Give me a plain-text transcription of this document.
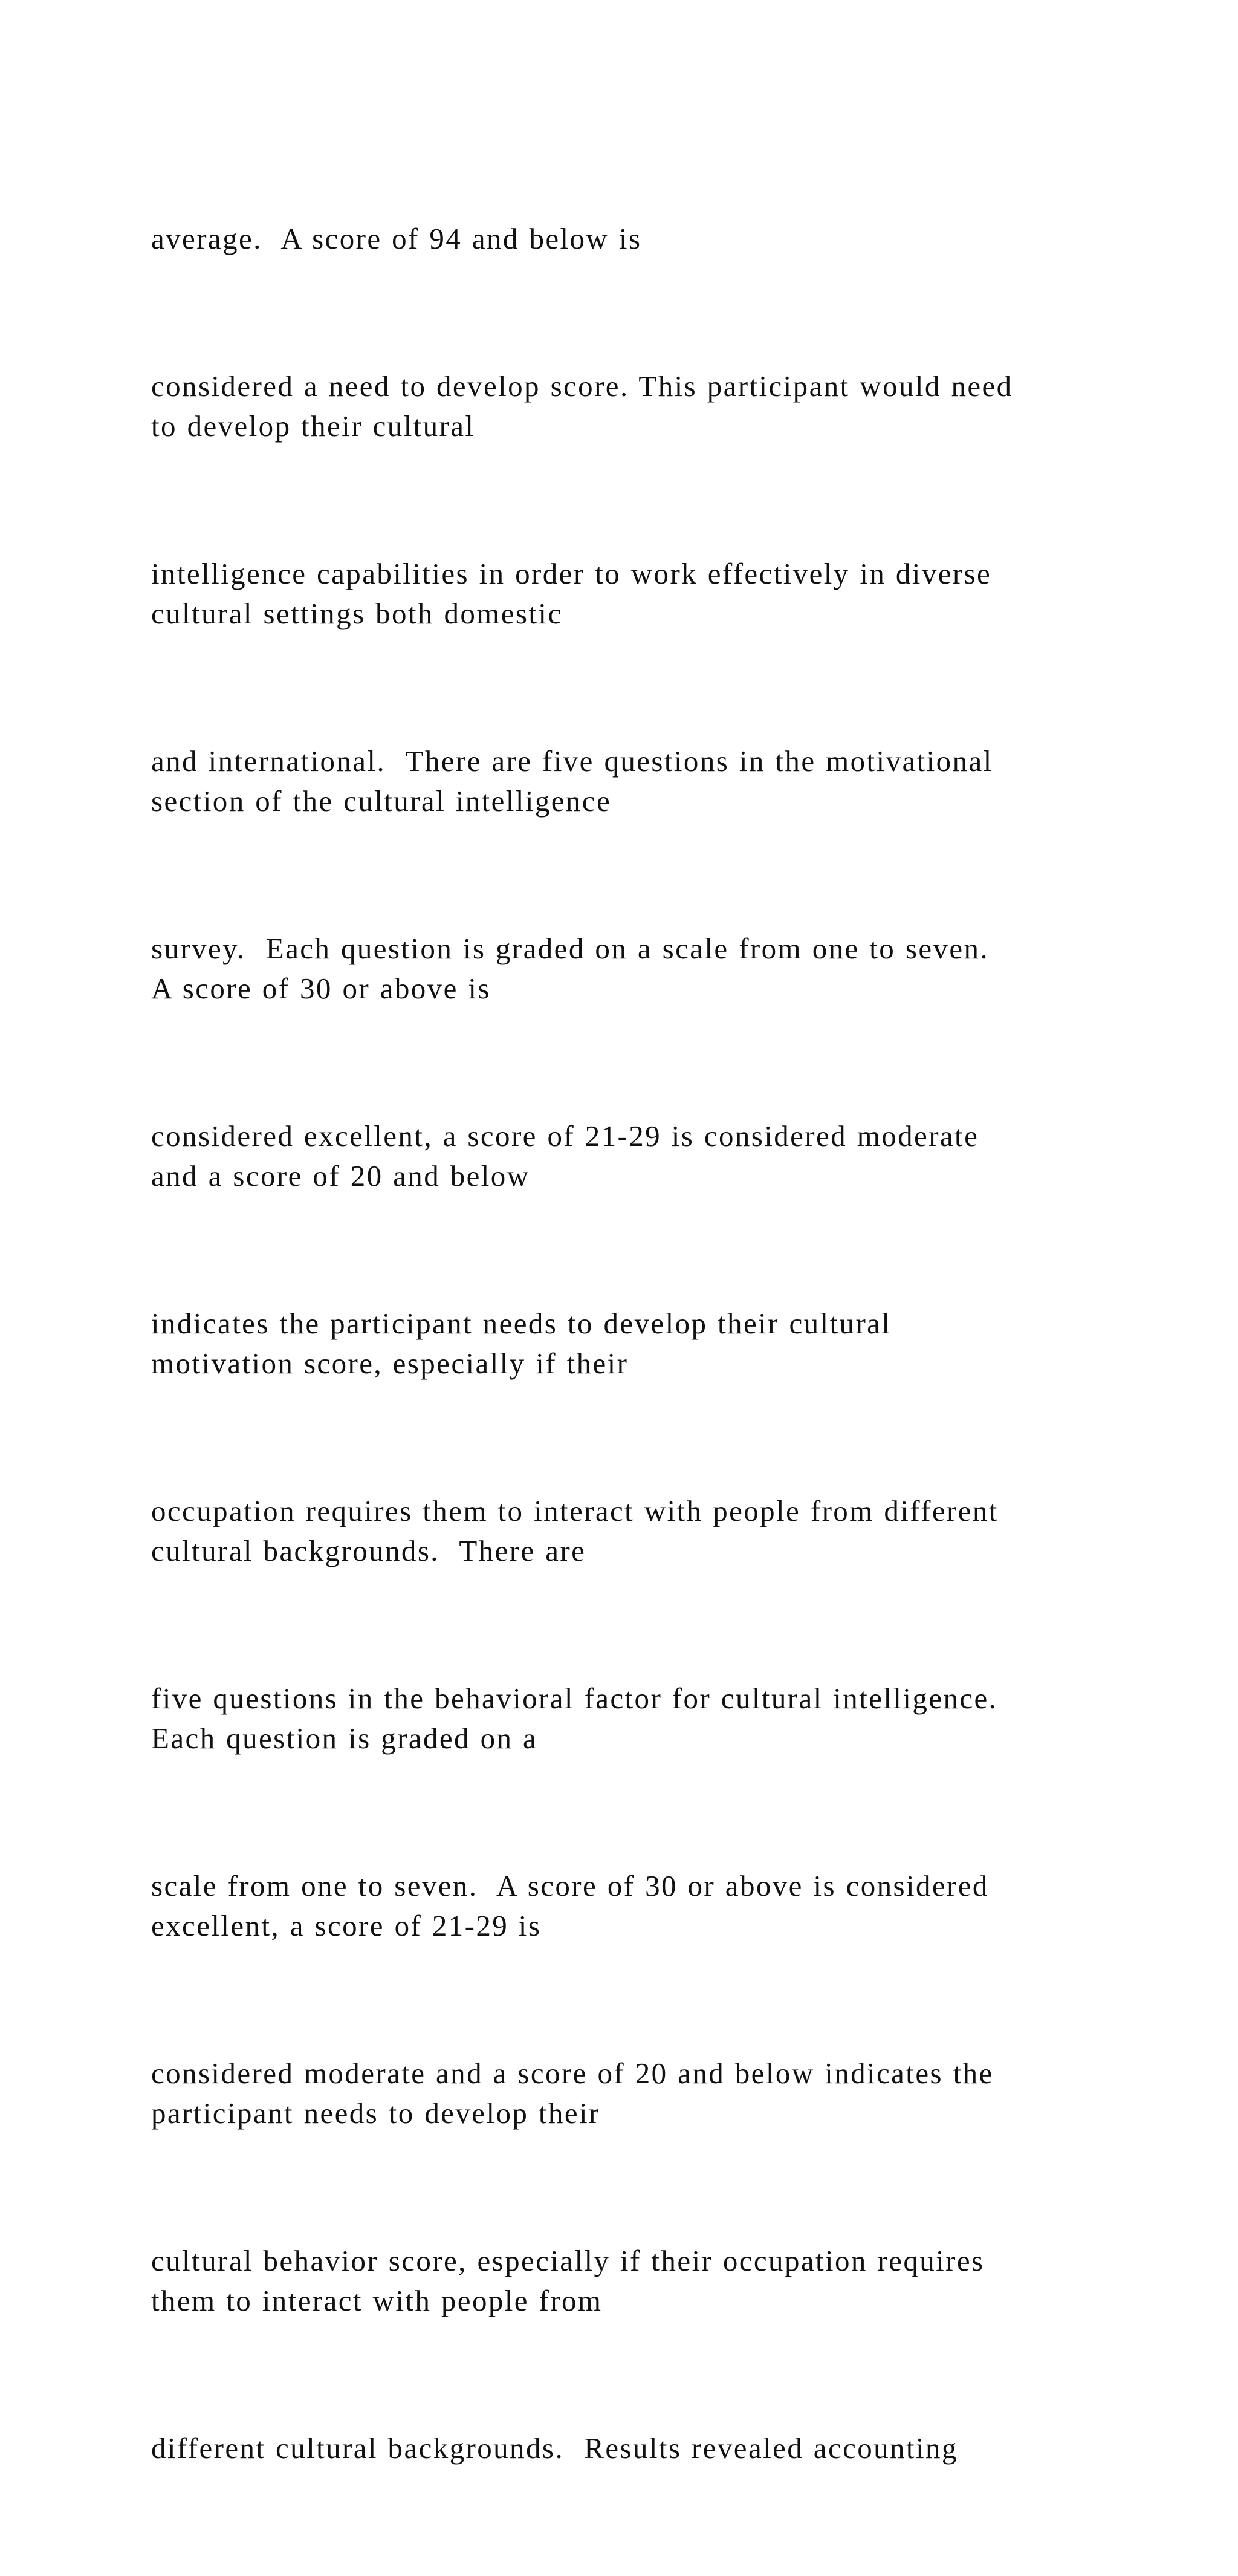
average.  A score of 94 and below is

considered a need to develop score. This participant would need
to develop their cultural

intelligence capabilities in order to work effectively in diverse
cultural settings both domestic

and international.  There are five questions in the motivational
section of the cultural intelligence

survey.  Each question is graded on a scale from one to seven.
A score of 30 or above is

considered excellent, a score of 21-29 is considered moderate
and a score of 20 and below

indicates the participant needs to develop their cultural
motivation score, especially if their

occupation requires them to interact with people from different
cultural backgrounds.  There are

five questions in the behavioral factor for cultural intelligence.
Each question is graded on a

scale from one to seven.  A score of 30 or above is considered
excellent, a score of 21-29 is

considered moderate and a score of 20 and below indicates the
participant needs to develop their

cultural behavior score, especially if their occupation requires
them to interact with people from

different cultural backgrounds.  Results revealed accounting
